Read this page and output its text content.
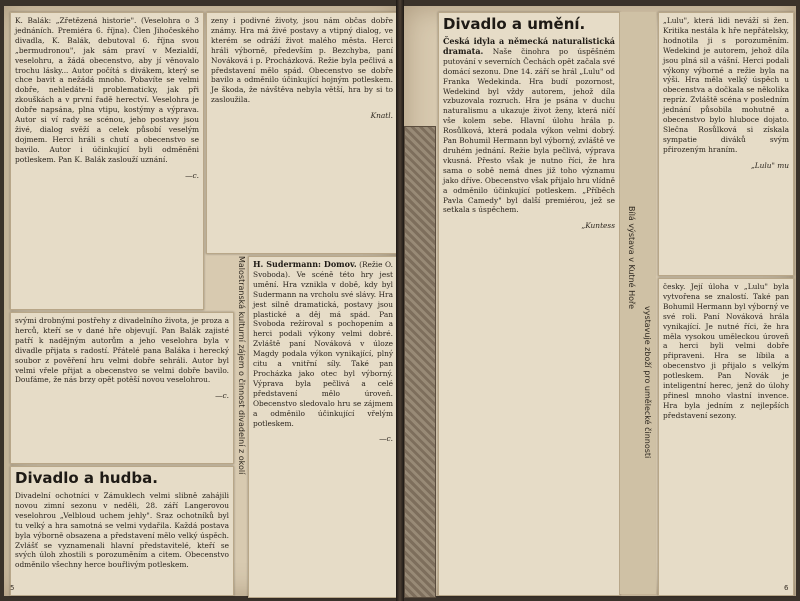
K. Balák: „Zřetězená historie". (Veselohra o 3 jednáních. Premiéra 6. října). Člen Jihočeského divadla, K. Balák, debutoval 6. října svou „bermudronou", jak sám praví v Mezialdí, veselohru, a žádá obecenstvo, aby jí věnovalo trochu lásky... Autor počítá s divákem, který se chce bavit a nežádá mnoho. Pobavíte se velmi dobře, nehledáte-li problematicky, jak při zkouškách a v první řadě herectví. Veselohra je dobře napsána, plna vtipu, kostýmy a výprava. Autor si ví rady se scénou, jeho postavy jsou živé, dialog svěží a celek působí veselým dojmem. Herci hráli s chutí a obecenstvo se bavilo. Autor i účinkující byli odměněni potleskem. Pan K. Balák zaslouží uznání.
—c.
zeny i podivné životy, jsou nám občas dobře známy. Hra má živé postavy a vtipný dialog, ve kterém se odráží život malého města. Herci hráli výborně, především p. Bezchyba, paní Nováková i p. Procházková. Režie byla pečlivá a představení mělo spád. Obecenstvo se dobře bavilo a odměnilo účinkující hojným potleskem. Je škoda, že návštěva nebyla větší, hra by si to zasloužila.
Knatl.
Malostranská kulturní zájem o činnost divadelní z okolí H. Sudermann: Domov. (Režie O. Svoboda). Ve scéně této hry jest umění. Hra vznikla v době, kdy byl Sudermann na vrcholu své slávy. Hra jest silně dramatická, postavy jsou plastické a děj má spád. Pan Svoboda režíroval s pochopením a herci podali výkony velmi dobré. Zvláště paní Nováková v úloze Magdy podala výkon vynikající, plný citu a vnitřní síly. Také pan Procházka jako otec byl výborný. Výprava byla pečlivá a celé představení mělo úroveň. Obecenstvo sledovalo hru se zájmem a odměnilo účinkující vřelým potleskem.
—c.
svými drobnými postřehy z divadelního života, je proza a herců, kteří se v dané hře objevují. Pan Balák zajisté patří k nadějným autorům a jeho veselohra byla v divadle přijata s radostí. Přátelé pana Baláka i herecký soubor z pověření hru velmi dobře sehráli. Autor byl velmi vřele přijat a obecenstvo se velmi dobře bavilo. Doufáme, že nás brzy opět potěší novou veselohrou.
—c.
Divadlo a hudba.
Divadelní ochotníci v Zámuklech velmi slibně zahájili novou zimní sezonu v neděli, 28. září Langerovou veselohrou „Velbloud uchem jehly". Sraz ochotníků byl tu velký a hra samotná se velmi vydařila. Každá postava byla výborně obsazena a představení mělo velký úspěch. Zvlášť se vyznamenali hlavní představitelé, kteří se svých úloh zhostili s porozuměním a citem. Obecenstvo odměnilo všechny herce bouřlivým potleskem.
5
Divadlo a umění.
Česká idyla a německá naturalistická dramata. Naše činohra po úspěšném putování v severních Čechách opět začala své domácí sezonu. Dne 14. září se hrál „Lulu" od Franka Wedekinda. Hra budí pozornost, Wedekind byl vždy autorem, jehož díla vzbuzovala rozruch. Hra je psána v duchu naturalismu a ukazuje život ženy, která ničí vše kolem sebe. Hlavní úlohu hrála p. Rosůlková, která podala výkon velmi dobrý. Pan Bohumil Hermann byl výborný, zvláště ve druhém jednání. Režie byla pečlivá, výprava vkusná. Přesto však je nutno říci, že hra sama o sobě nemá dnes již toho významu jako dříve. Obecenstvo však přijalo hru vlídně a odměnilo účinkující potleskem. „Příběch Pavla Camedy" byl další premiérou, jež se setkala s úspěchem.
„Kuntess	Bílá výstava v Kutné Hoře
vystavuje zboží pro umělecké činnosti
„Lulu", která lidi neváží si žen. Kritika nestála k hře nepřátelsky, hodnotila ji s porozuměním. Wedekind je autorem, jehož díla jsou plná sil a vášní. Herci podali výkony výborné a režie byla na výši. Hra měla velký úspěch u obecenstva a dočkala se několika repríz. Zvláště scéna v posledním jednání působila mohutně a obecenstvo bylo hluboce dojato. Slečna Rosůlková si získala sympatie diváků svým přirozeným hraním.
„Lulu" mu
česky. Její úloha v „Lulu" byla vytvořena se znalostí. Také pan Bohumil Hermann byl výborný ve své roli. Paní Nováková hrála vynikající. Je nutné říci, že hra měla vysokou uměleckou úroveň a herci byli velmi dobře připraveni. Hra se líbila a obecenstvo ji přijalo s velkým potleskem. Pan Novák je inteligentní herec, jenž do úlohy přinesl mnoho vlastní invence. Hra byla jedním z nejlepších představení sezony.
6
